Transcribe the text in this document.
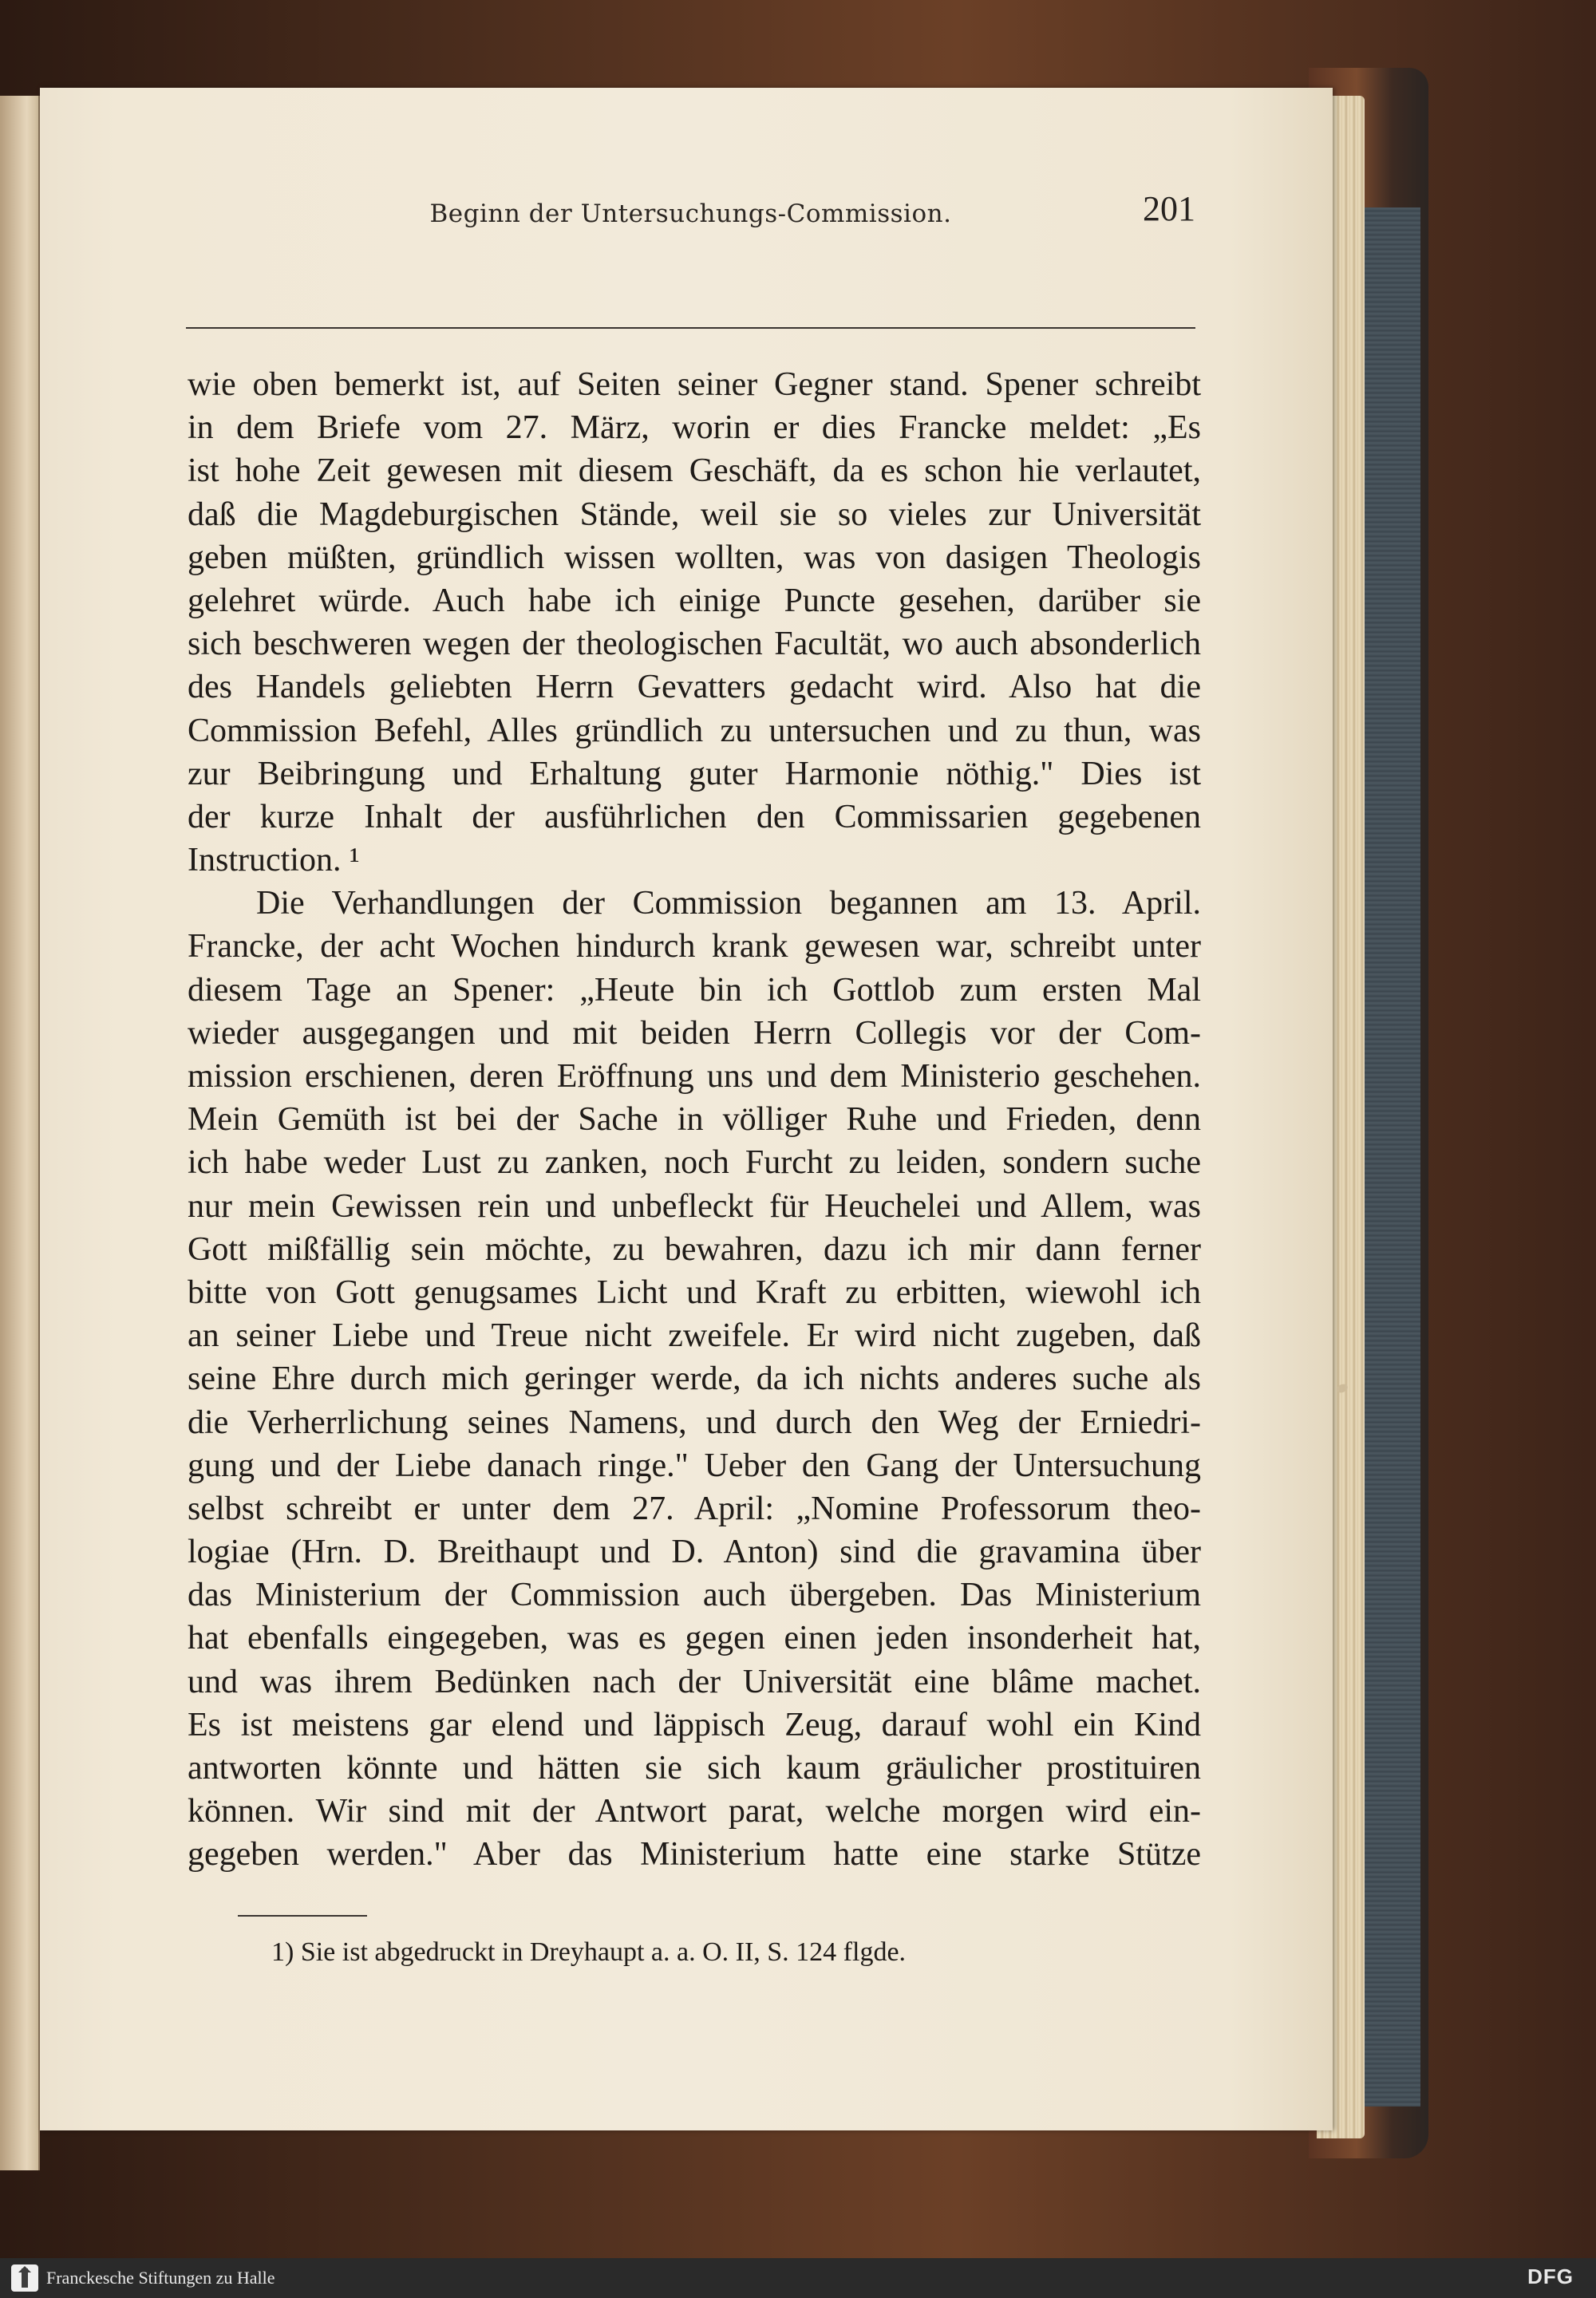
Beginn der Untersuchungs-Commission.	201
wie oben bemerkt ist, auf Seiten seiner Gegner stand. Spener schreibt
in dem Briefe vom 27. März, worin er dies Francke meldet: „Es
ist hohe Zeit gewesen mit diesem Geschäft, da es schon hie verlautet,
daß die Magdeburgischen Stände, weil sie so vieles zur Universität
geben müßten, gründlich wissen wollten, was von dasigen Theologis
gelehret würde. Auch habe ich einige Puncte gesehen, darüber sie
sich beschweren wegen der theologischen Facultät, wo auch absonderlich
des Handels geliebten Herrn Gevatters gedacht wird. Also hat die
Commission Befehl, Alles gründlich zu untersuchen und zu thun, was
zur Beibringung und Erhaltung guter Harmonie nöthig." Dies ist
der kurze Inhalt der ausführlichen den Commissarien gegebenen
Instruction. ¹
Die Verhandlungen der Commission begannen am 13. April.
Francke, der acht Wochen hindurch krank gewesen war, schreibt unter
diesem Tage an Spener: „Heute bin ich Gottlob zum ersten Mal
wieder ausgegangen und mit beiden Herrn Collegis vor der Com-
mission erschienen, deren Eröffnung uns und dem Ministerio geschehen.
Mein Gemüth ist bei der Sache in völliger Ruhe und Frieden, denn
ich habe weder Lust zu zanken, noch Furcht zu leiden, sondern suche
nur mein Gewissen rein und unbefleckt für Heuchelei und Allem, was
Gott mißfällig sein möchte, zu bewahren, dazu ich mir dann ferner
bitte von Gott genugsames Licht und Kraft zu erbitten, wiewohl ich
an seiner Liebe und Treue nicht zweifele. Er wird nicht zugeben, daß
seine Ehre durch mich geringer werde, da ich nichts anderes suche als
die Verherrlichung seines Namens, und durch den Weg der Erniedri-
gung und der Liebe danach ringe." Ueber den Gang der Untersuchung
selbst schreibt er unter dem 27. April: „Nomine Professorum theo-
logiae (Hrn. D. Breithaupt und D. Anton) sind die gravamina über
das Ministerium der Commission auch übergeben. Das Ministerium
hat ebenfalls eingegeben, was es gegen einen jeden insonderheit hat,
und was ihrem Bedünken nach der Universität eine blâme machet.
Es ist meistens gar elend und läppisch Zeug, darauf wohl ein Kind
antworten könnte und hätten sie sich kaum gräulicher prostituiren
können. Wir sind mit der Antwort parat, welche morgen wird ein-
gegeben werden." Aber das Ministerium hatte eine starke Stütze
1) Sie ist abgedruckt in Dreyhaupt a. a. O. II, S. 124 flgde.
Franckesche Stiftungen zu Halle	DFG
